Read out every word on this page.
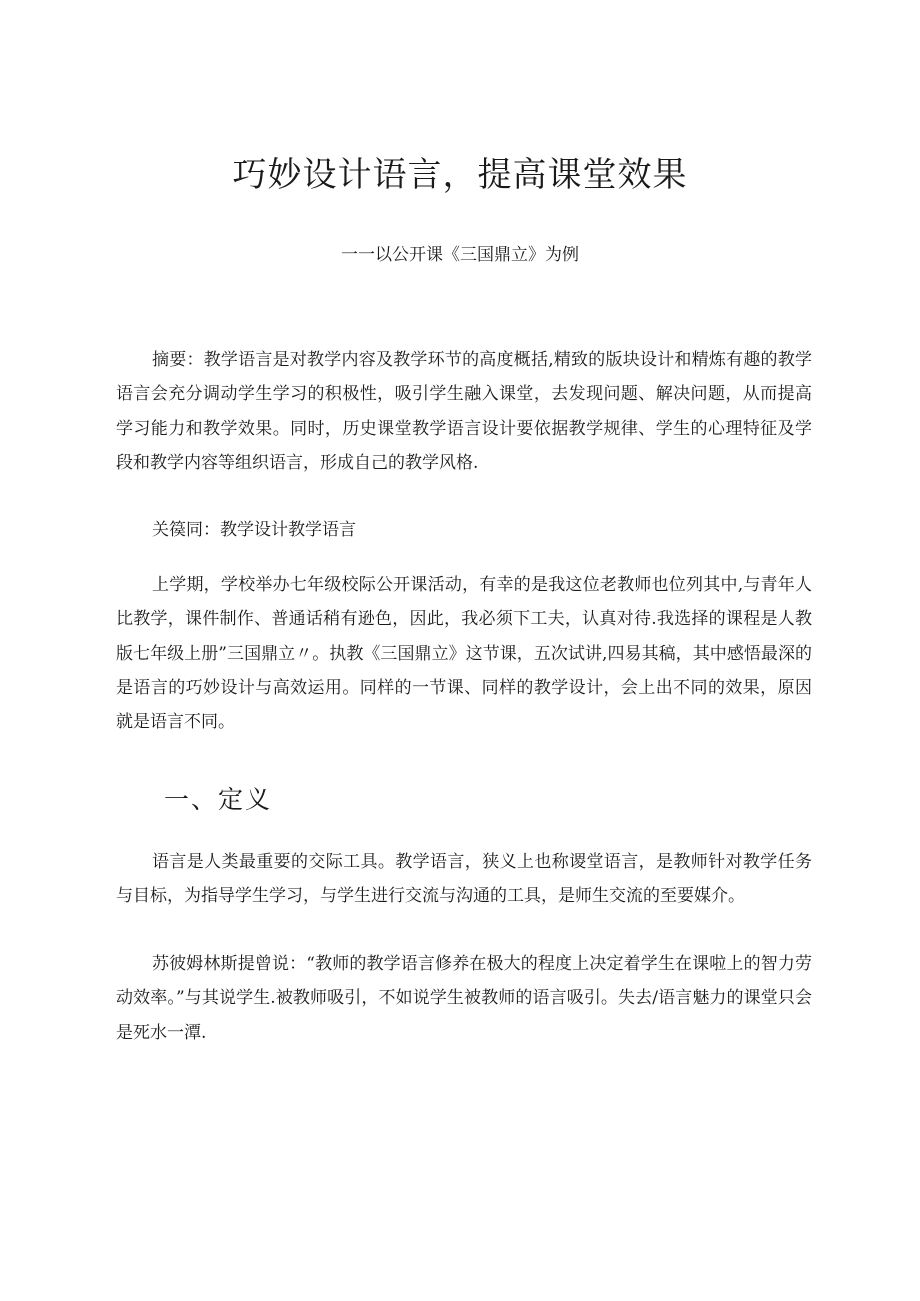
巧妙设计语言，提高课堂效果
一一以公开课《三国鼎立》为例

摘要：教学语言是对教学内容及教学环节的高度概括,精致的版块设计和精炼有趣的教学语言会充分调动学生学习的积极性，吸引学生融入课堂，去发现问题、解决问题，从而提高学习能力和教学效果。同时，历史课堂教学语言设计要依据教学规律、学生的心理特征及学段和教学内容等组织语言，形成自己的教学风格.

关篌同：教学设计教学语言

上学期，学校举办七年级校际公开课活动，有幸的是我这位老教师也位列其中,与青年人比教学，课件制作、普通话稍有逊色，因此，我必须下工夫，认真对待.我选择的课程是人教版七年级上册”三国鼎立〃。执教《三国鼎立》这节课，五次试讲,四易其稿，其中感悟最深的是语言的巧妙设计与高效运用。同样的一节课、同样的教学设计，会上出不同的效果，原因就是语言不同。

一、定义

语言是人类最重要的交际工具。教学语言，狭义上也称谡堂语言，是教师针对教学任务与目标，为指导学生学习，与学生进行交流与沟通的工具，是师生交流的至要媒介。

苏彼姆林斯提曾说：“教师的教学语言修养在极大的程度上决定着学生在课啦上的智力劳动效率。”与其说学生.被教师吸引，不如说学生被教师的语言吸引。失去/语言魅力的课堂只会是死水一潭.
